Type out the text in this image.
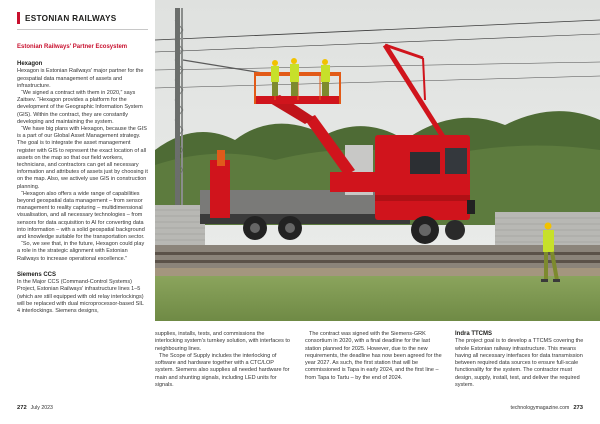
ESTONIAN RAILWAYS
Estonian Railways' Partner Ecosystem
Hexagon

Hexagon is Estonian Railways' major partner for the geospatial data management of assets and infrastructure.

“We signed a contract with them in 2020,” says Zaitsev. “Hexagon provides a platform for the development of the Geographic Information System (GIS). Within the contract, they are constantly developing and maintaining the system.

“We have big plans with Hexagon, because the GIS is a part of our Global Asset Management strategy. The goal is to integrate the asset management register with GIS to represent the exact location of all assets on the map so that our field workers, technicians, and contractors can get all necessary information and attributes of assets just by choosing it on the map. Also, we actively use GIS in construction planning.

“Hexagon also offers a wide range of capabilities beyond geospatial data management – from sensor management to reality capturing – multidimensional visualisation, and all necessary technologies – from sensors for data acquisition to AI for converting data into information – with a solid geospatial background and knowledge suitable for the transportation sector.

“So, we see that, in the future, Hexagon could play a role in the strategic alignment with Estonian Railways to increase operational excellence.”

Siemens CCS

In the Major CCS (Command-Control Systems) Project, Estonian Railways' infrastructure lines 1–5 (which are still equipped with old relay interlockings) will be replaced with dual microprocessor-based SIL 4 interlockings. Siemens designs,

supplies, installs, tests, and commissions the interlocking system's turnkey solution, with interfaces to neighbouring lines.

The Scope of Supply includes the interlocking of software and hardware together with a CTC/LOP system. Siemens also supplies all needed hardware for main and shunting signals, including LED units for signals.

The contract was signed with the Siemens-GRK consortium in 2020, with a final deadline for the last station planned for 2025. However, due to the new requirements, the deadline has now been agreed for the year 2027. As such, the first station that will be commissioned is Tapa in early 2024, and the first line – from Tapa to Tartu – by the end of 2024.

Indra TTCMS

The project goal is to develop a TTCMS covering the whole Estonian railway infrastructure. This means having all necessary interfaces for data transmission between required data sources to ensure full-scale functionality for the system. The contractor must design, supply, install, test, and deliver the required system.

272 July 2023	technologymagazine.com 273
